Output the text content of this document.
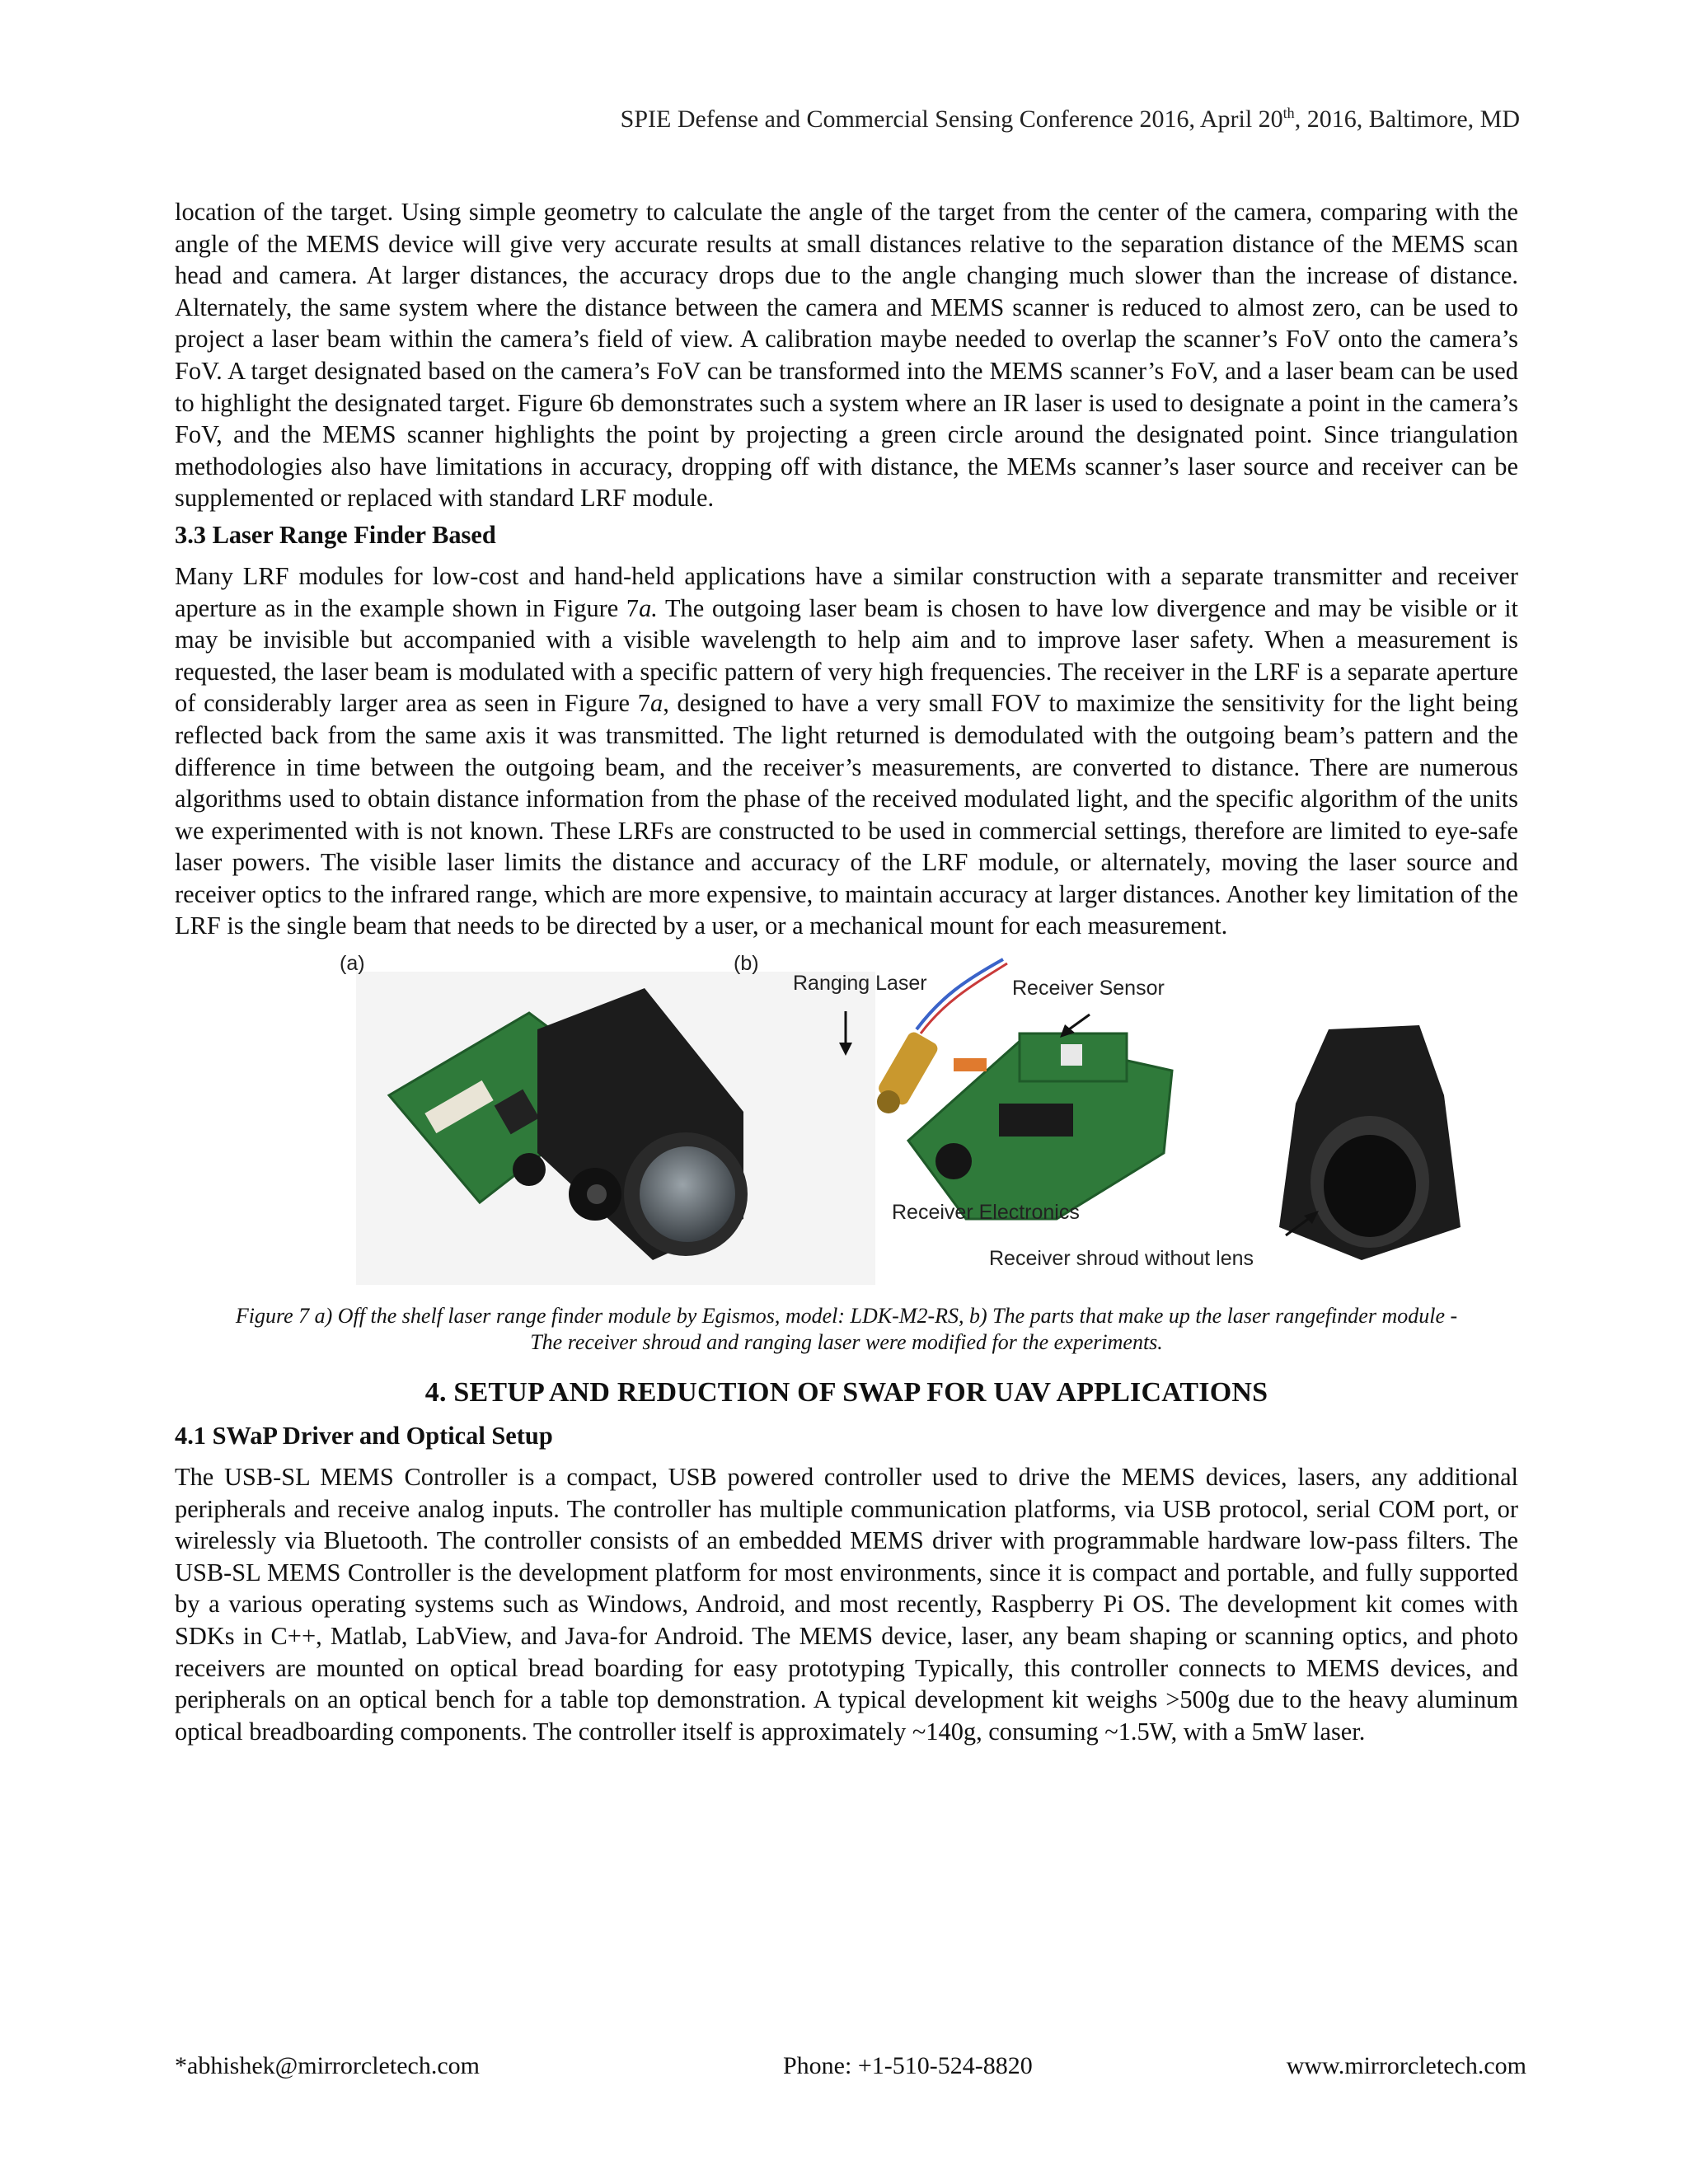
SPIE Defense and Commercial Sensing Conference 2016, April 20th, 2016, Baltimore, MD

location of the target. Using simple geometry to calculate the angle of the target from the center of the camera, comparing with the angle of the MEMS device will give very accurate results at small distances relative to the separation distance of the MEMS scan head and camera. At larger distances, the accuracy drops due to the angle changing much slower than the increase of distance. Alternately, the same system where the distance between the camera and MEMS scanner is reduced to almost zero, can be used to project a laser beam within the camera’s field of view. A calibration maybe needed to overlap the scanner’s FoV onto the camera’s FoV. A target designated based on the camera’s FoV can be transformed into the MEMS scanner’s FoV, and a laser beam can be used to highlight the designated target. Figure 6b demonstrates such a system where an IR laser is used to designate a point in the camera’s FoV, and the MEMS scanner highlights the point by projecting a green circle around the designated point. Since triangulation methodologies also have limitations in accuracy, dropping off with distance, the MEMs scanner’s laser source and receiver can be supplemented or replaced with standard LRF module.

3.3 Laser Range Finder Based

Many LRF modules for low-cost and hand-held applications have a similar construction with a separate transmitter and receiver aperture as in the example shown in Figure 7a. The outgoing laser beam is chosen to have low divergence and may be visible or it may be invisible but accompanied with a visible wavelength to help aim and to improve laser safety. When a measurement is requested, the laser beam is modulated with a specific pattern of very high frequencies. The receiver in the LRF is a separate aperture of considerably larger area as seen in Figure 7a, designed to have a very small FOV to maximize the sensitivity for the light being reflected back from the same axis it was transmitted. The light returned is demodulated with the outgoing beam’s pattern and the difference in time between the outgoing beam, and the receiver’s measurements, are converted to distance. There are numerous algorithms used to obtain distance information from the phase of the received modulated light, and the specific algorithm of the units we experimented with is not known. These LRFs are constructed to be used in commercial settings, therefore are limited to eye-safe laser powers. The visible laser limits the distance and accuracy of the LRF module, or alternately, moving the laser source and receiver optics to the infrared range, which are more expensive, to maintain accuracy at larger distances. Another key limitation of the LRF is the single beam that needs to be directed by a user, or a mechanical mount for each measurement.

(a)	(b)
Ranging Laser	Receiver Sensor
Receiver Electronics
Receiver shroud without lens
Figure 7 a) Off the shelf laser range finder module by Egismos, model: LDK-M2-RS, b) The parts that make up the laser rangefinder module - The receiver shroud and ranging laser were modified for the experiments.
4. SETUP AND REDUCTION OF SWAP FOR UAV APPLICATIONS
4.1 SWaP Driver and Optical Setup

The USB-SL MEMS Controller is a compact, USB powered controller used to drive the MEMS devices, lasers, any additional peripherals and receive analog inputs. The controller has multiple communication platforms, via USB protocol, serial COM port, or wirelessly via Bluetooth. The controller consists of an embedded MEMS driver with programmable hardware low-pass filters. The USB-SL MEMS Controller is the development platform for most environments, since it is compact and portable, and fully supported by a various operating systems such as Windows, Android, and most recently, Raspberry Pi OS. The development kit comes with SDKs in C++, Matlab, LabView, and Java-for Android. The MEMS device, laser, any beam shaping or scanning optics, and photo receivers are mounted on optical bread boarding for easy prototyping Typically, this controller connects to MEMS devices, and peripherals on an optical bench for a table top demonstration. A typical development kit weighs >500g due to the heavy aluminum optical breadboarding components. The controller itself is approximately ~140g, consuming ~1.5W, with a 5mW laser.

*abhishek@mirrorcletech.com	Phone: +1-510-524-8820	www.mirrorcletech.com
